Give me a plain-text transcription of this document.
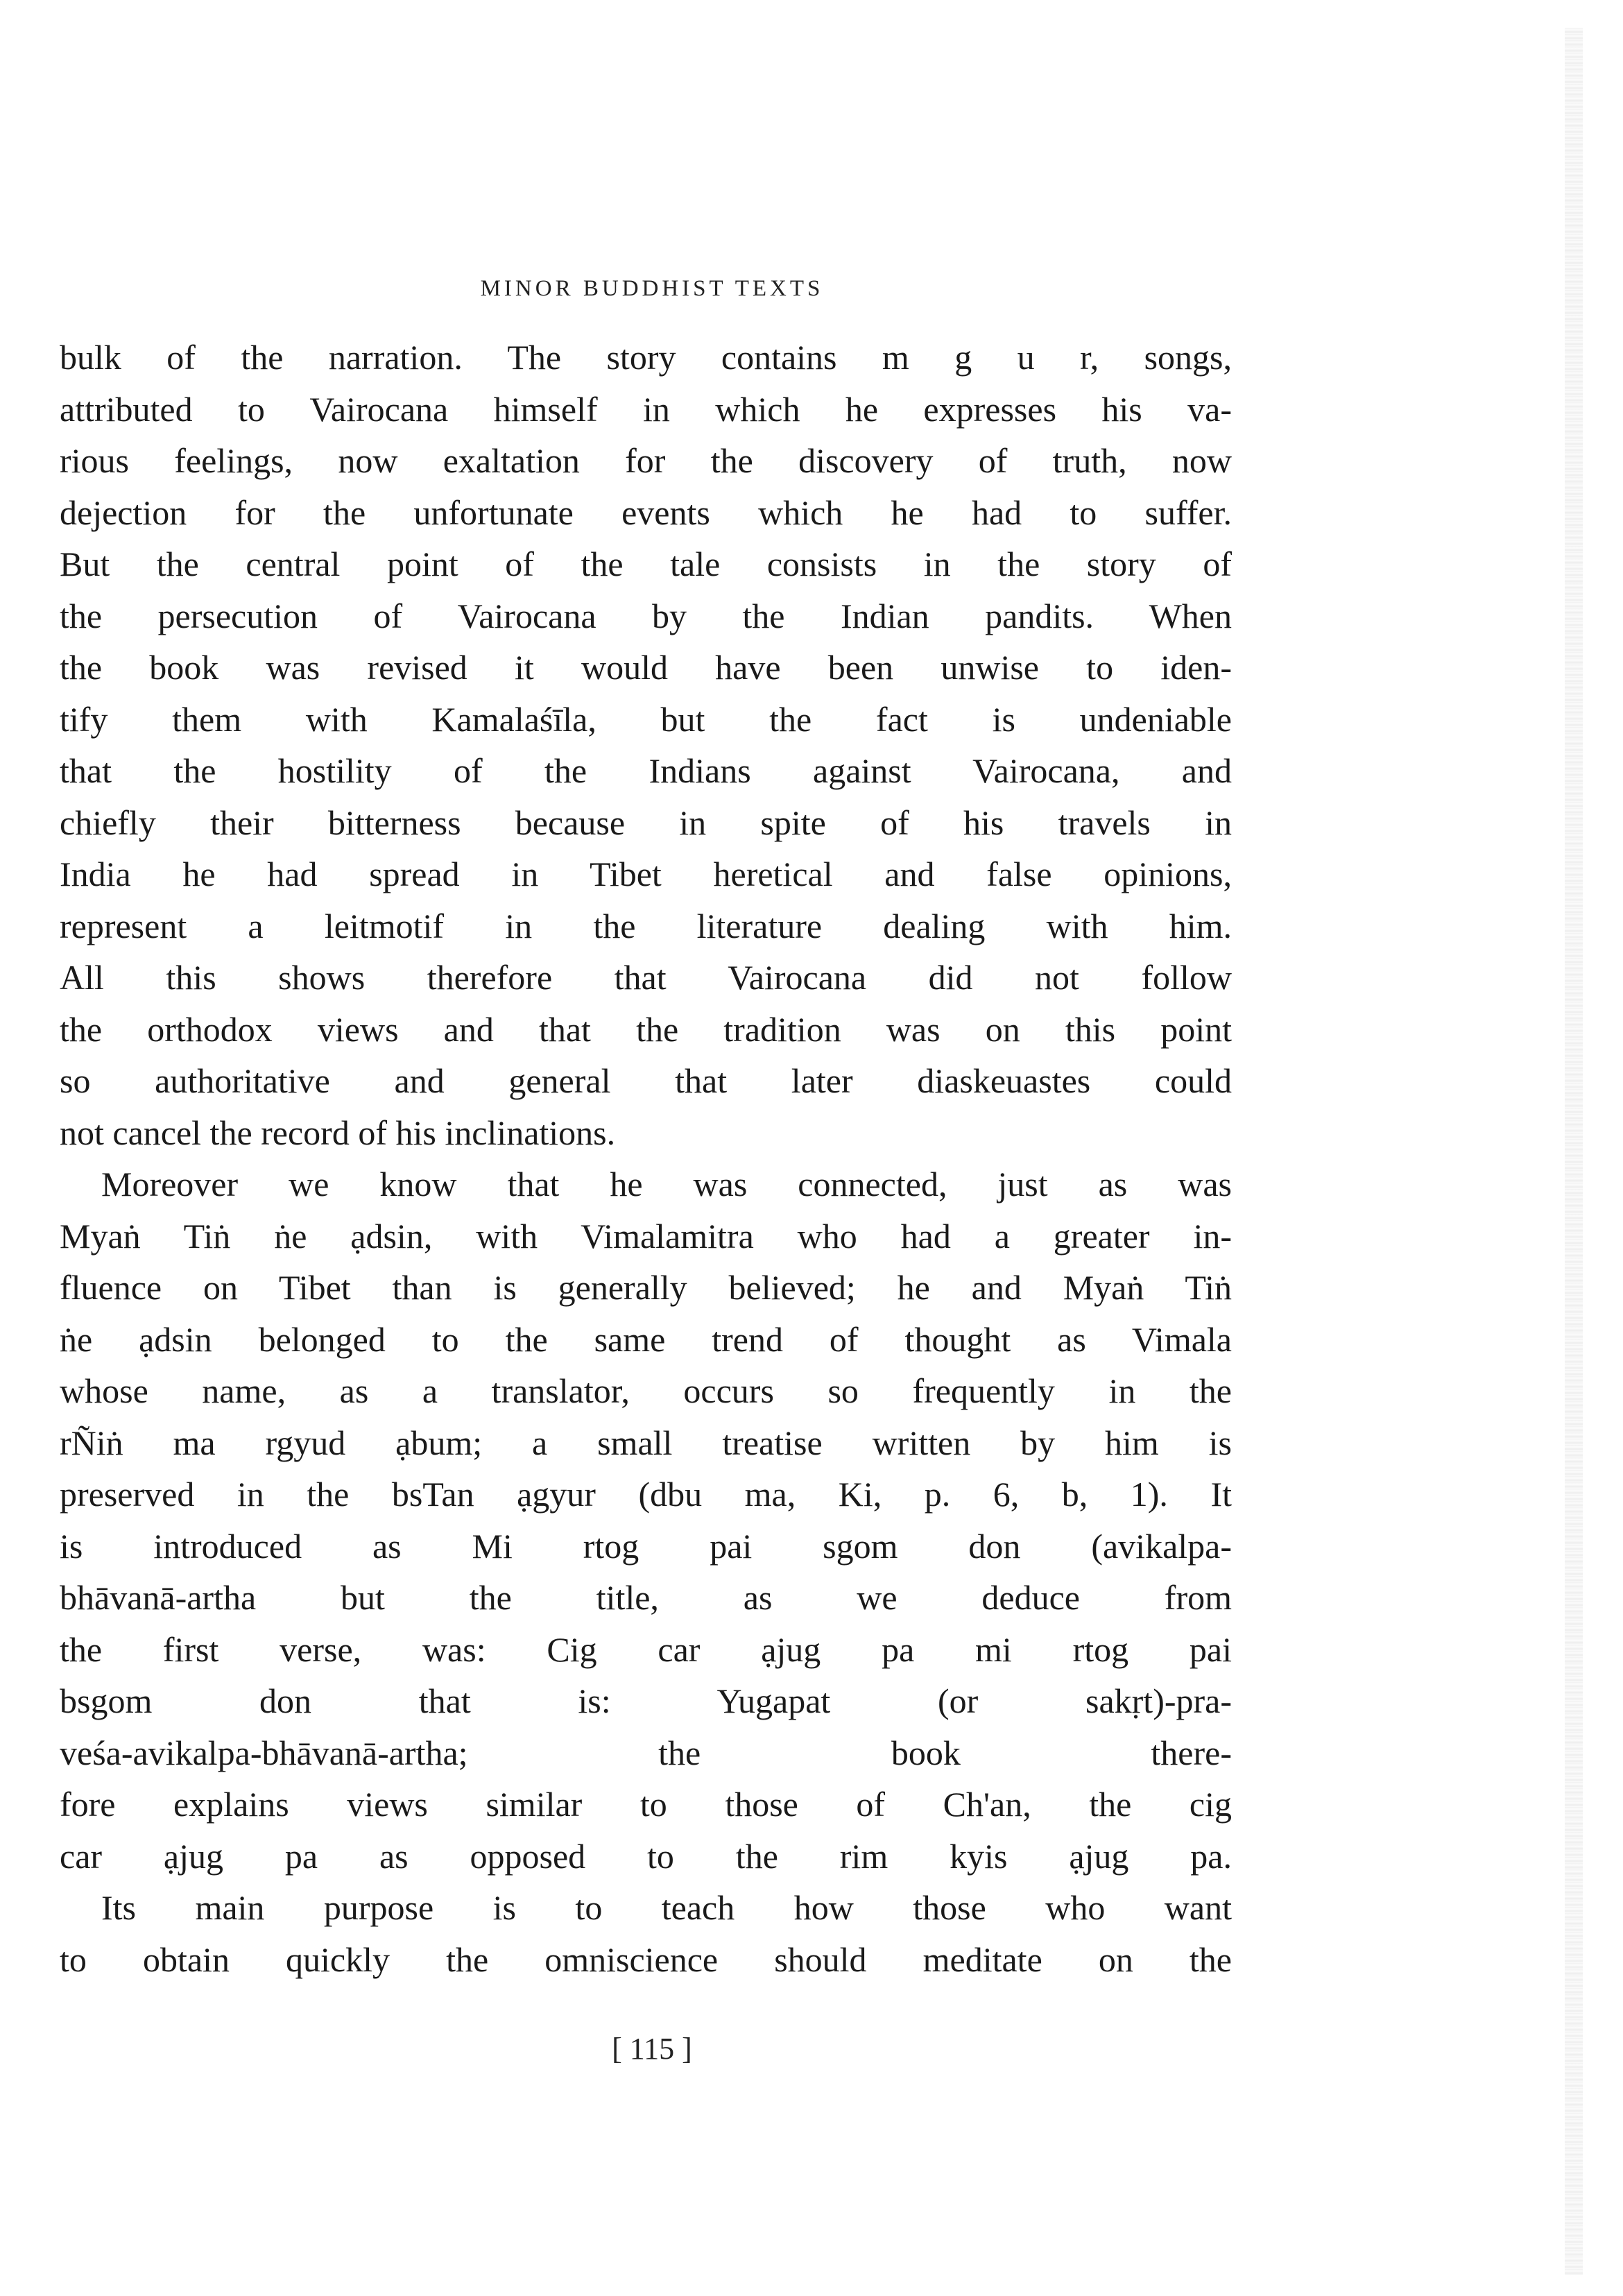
MINOR BUDDHIST TEXTS
bulk of the narration. The story contains m g u r, songs,
attributed to Vairocana himself in which he expresses his va-
rious feelings, now exaltation for the discovery of truth, now
dejection for the unfortunate events which he had to suffer.
But the central point of the tale consists in the story of
the persecution of Vairocana by the Indian pandits. When
the book was revised it would have been unwise to iden-
tify them with Kamalaśīla, but the fact is undeniable
that the hostility of the Indians against Vairocana, and
chiefly their bitterness because in spite of his travels in
India he had spread in Tibet heretical and false opinions,
represent a leitmotif in the literature dealing with him.
All this shows therefore that Vairocana did not follow
the orthodox views and that the tradition was on this point
so authoritative and general that later diaskeuastes could
not cancel the record of his inclinations.
Moreover we know that he was connected, just as was
Myaṅ Tiṅ ṅe ạdsin, with Vimalamitra who had a greater in-
fluence on Tibet than is generally believed; he and Myaṅ Tiṅ
ṅe ạdsin belonged to the same trend of thought as Vimala
whose name, as a translator, occurs so frequently in the
rÑiṅ ma rgyud ạbum; a small treatise written by him is
preserved in the bsTan ạgyur (dbu ma, Ki, p. 6, b, 1). It
is introduced as Mi rtog pai sgom don (avikalpa-
bhāvanā-artha but the title, as we deduce from
the first verse, was: Cig car ạjug pa mi rtog pai
bsgom don that is: Yugapat (or sakṛt)-pra-
veśa-avikalpa-bhāvanā-artha; the book there-
fore explains views similar to those of Ch'an, the cig
car ạjug pa as opposed to the rim kyis ạjug pa.
Its main purpose is to teach how those who want
to obtain quickly the omniscience should meditate on the
[ 115 ]
